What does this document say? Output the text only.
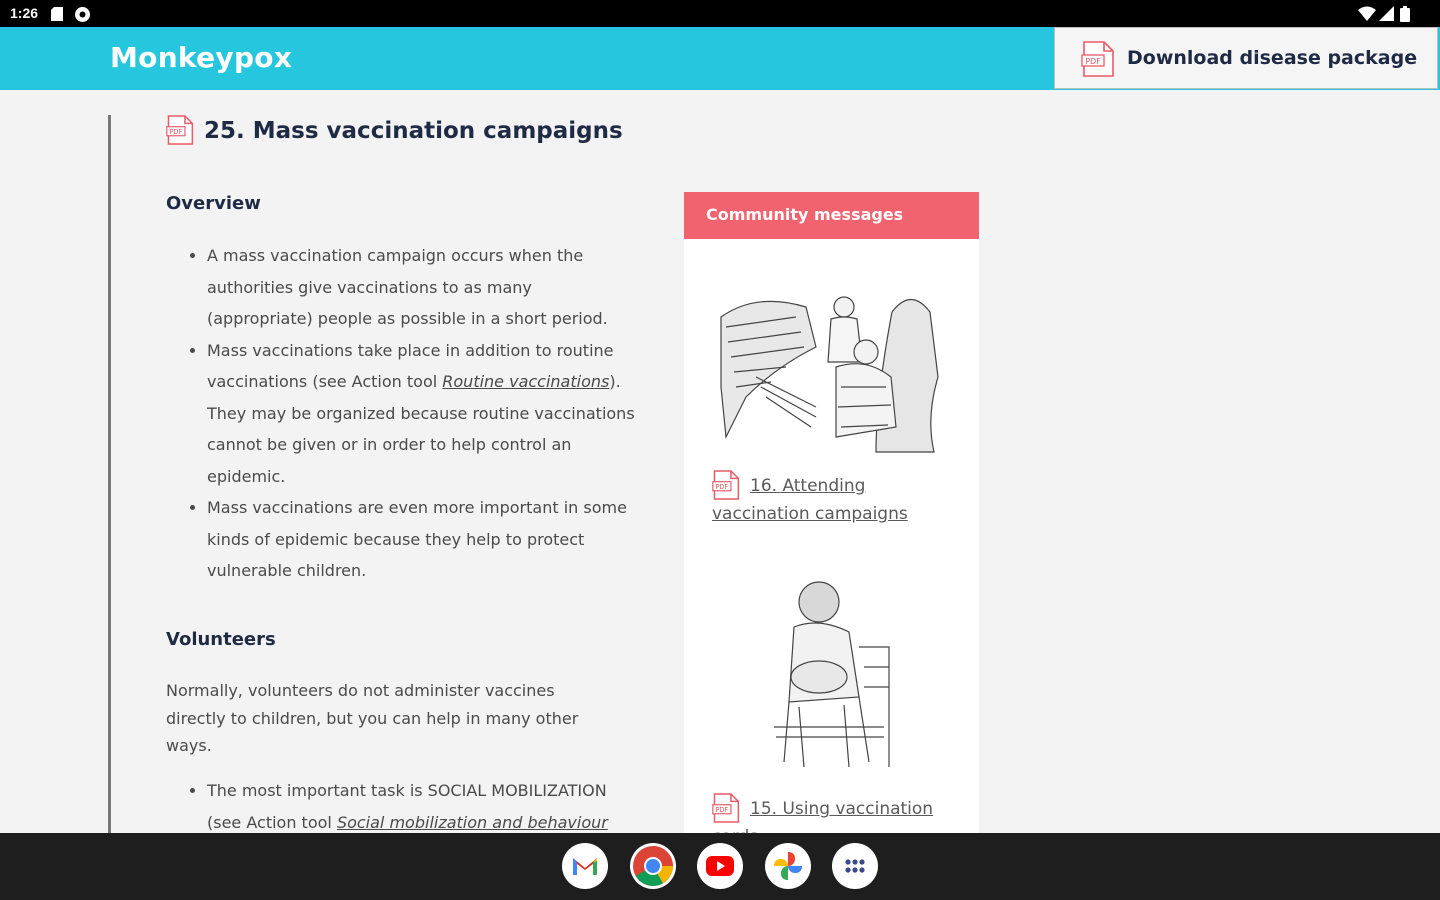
1:26
Monkeypox	PDF Download disease package
PDF 25. Mass vaccination campaigns
Overview
• A mass vaccination campaign occurs when the authorities give vaccinations to as many (appropriate) people as possible in a short period.
• Mass vaccinations take place in addition to routine vaccinations (see Action tool Routine vaccinations). They may be organized because routine vaccinations cannot be given or in order to help control an epidemic.
• Mass vaccinations are even more important in some kinds of epidemic because they help to protect vulnerable children.
Volunteers
Normally, volunteers do not administer vaccines directly to children, but you can help in many other ways.
• The most important task is SOCIAL MOBILIZATION (see Action tool Social mobilization and behaviour
Community messages
PDF 16. Attending vaccination campaigns
PDF 15. Using vaccination
